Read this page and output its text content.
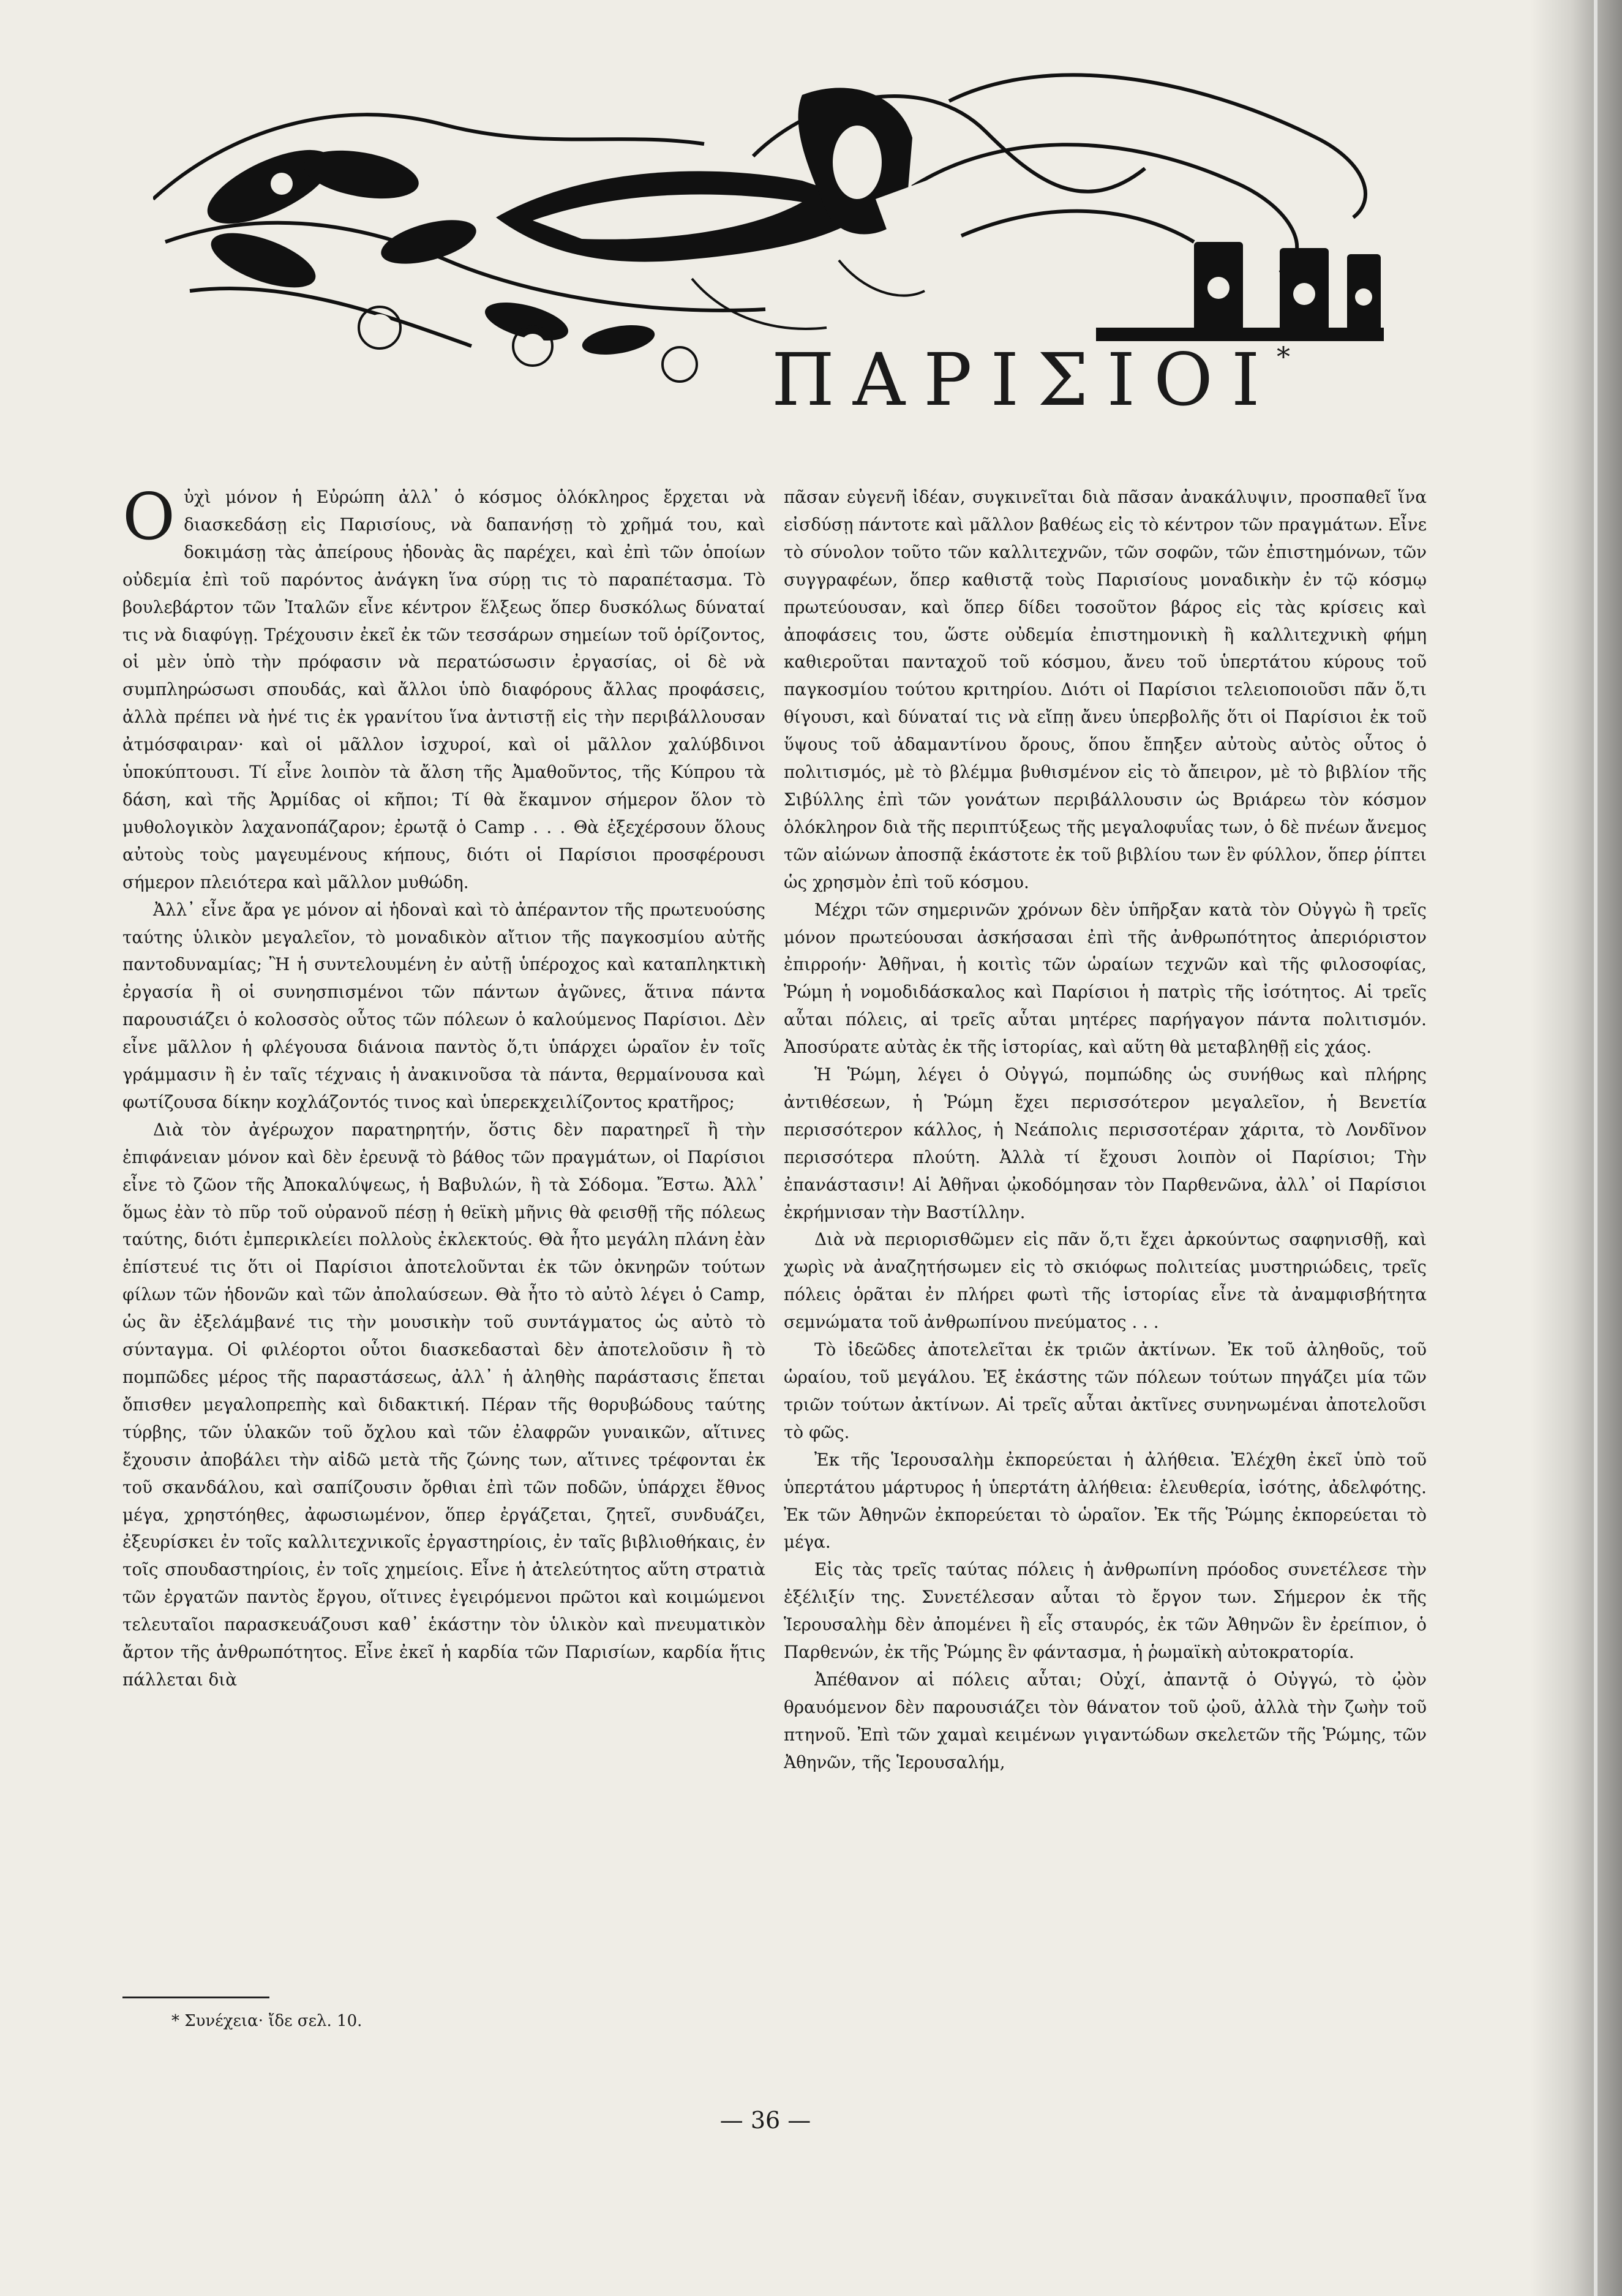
ΠΑΡΙΣΙΟΙ
*

Οὐχὶ μόνον ἡ Εὐρώπη ἀλλ᾽ ὁ κόσμος ὁλόκληρος ἔρχεται νὰ διασκεδάσῃ εἰς Παρισίους, νὰ δαπανήσῃ τὸ χρῆμά του, καὶ δοκιμάσῃ τὰς ἀπείρους ἡδονὰς ἃς παρέχει, καὶ ἐπὶ τῶν ὁποίων οὐδεμία ἐπὶ τοῦ παρόντος ἀνάγκη ἵνα σύρῃ τις τὸ παραπέτασμα. Τὸ βουλεβάρτον τῶν Ἰταλῶν εἶνε κέντρον ἕλξεως ὅπερ δυσκόλως δύναταί τις νὰ διαφύγῃ. Τρέχουσιν ἐκεῖ ἐκ τῶν τεσσάρων σημείων τοῦ ὁρίζοντος, οἱ μὲν ὑπὸ τὴν πρόφασιν νὰ περατώσωσιν ἐργασίας, οἱ δὲ νὰ συμπληρώσωσι σπουδάς, καὶ ἄλλοι ὑπὸ διαφόρους ἄλλας προφάσεις, ἀλλὰ πρέπει νὰ ἠνέ τις ἐκ γρανίτου ἵνα ἀντιστῇ εἰς τὴν περιβάλλουσαν ἀτμόσφαιραν· καὶ οἱ μᾶλλον ἰσχυροί, καὶ οἱ μᾶλλον χαλύβδινοι ὑποκύπτουσι. Τί εἶνε λοιπὸν τὰ ἄλση τῆς Ἀμαθοῦντος, τῆς Κύπρου τὰ δάση, καὶ τῆς Ἀρμίδας οἱ κῆποι; Τί θὰ ἔκαμνον σήμερον ὅλον τὸ μυθολογικὸν λαχανοπάζαρον; ἐρωτᾷ ὁ Camp . . . Θὰ ἐξεχέρσουν ὅλους αὐτοὺς τοὺς μαγευμένους κήπους, διότι οἱ Παρίσιοι προσφέρουσι σήμερον πλειότερα καὶ μᾶλλον μυθώδη.

Ἀλλ᾽ εἶνε ἄρα γε μόνον αἱ ἡδοναὶ καὶ τὸ ἀπέραντον τῆς πρωτευούσης ταύτης ὑλικὸν μεγαλεῖον, τὸ μοναδικὸν αἴτιον τῆς παγκοσμίου αὐτῆς παντοδυναμίας; Ἢ ἡ συντελουμένη ἐν αὐτῇ ὑπέροχος καὶ καταπληκτικὴ ἐργασία ἢ οἱ συνησπισμένοι τῶν πάντων ἀγῶνες, ἅτινα πάντα παρουσιάζει ὁ κολοσσὸς οὗτος τῶν πόλεων ὁ καλούμενος Παρίσιοι. Δὲν εἶνε μᾶλλον ἡ φλέγουσα διάνοια παντὸς ὅ,τι ὑπάρχει ὡραῖον ἐν τοῖς γράμμασιν ἢ ἐν ταῖς τέχναις ἡ ἀνακινοῦσα τὰ πάντα, θερμαίνουσα καὶ φωτίζουσα δίκην κοχλάζοντός τινος καὶ ὑπερεκχειλίζοντος κρατῆρος;

Διὰ τὸν ἀγέρωχον παρατηρητήν, ὅστις δὲν παρατηρεῖ ἢ τὴν ἐπιφάνειαν μόνον καὶ δὲν ἐρευνᾷ τὸ βάθος τῶν πραγμάτων, οἱ Παρίσιοι εἶνε τὸ ζῶον τῆς Ἀποκαλύψεως, ἡ Βαβυλών, ἢ τὰ Σόδομα. Ἔστω. Ἀλλ᾽ ὅμως ἐὰν τὸ πῦρ τοῦ οὐρανοῦ πέσῃ ἡ θεϊκὴ μῆνις θὰ φεισθῇ τῆς πόλεως ταύτης, διότι ἐμπερικλείει πολλοὺς ἐκλεκτούς. Θὰ ἦτο μεγάλη πλάνη ἐὰν ἐπίστευέ τις ὅτι οἱ Παρίσιοι ἀποτελοῦνται ἐκ τῶν ὀκνηρῶν τούτων φίλων τῶν ἡδονῶν καὶ τῶν ἀπολαύσεων. Θὰ ἦτο τὸ αὐτὸ λέγει ὁ Camp, ὡς ἂν ἐξελάμβανέ τις τὴν μουσικὴν τοῦ συντάγματος ὡς αὐτὸ τὸ σύνταγμα. Οἱ φιλέορτοι οὗτοι διασκεδασταὶ δὲν ἀποτελοῦσιν ἢ τὸ πομπῶδες μέρος τῆς παραστάσεως, ἀλλ᾽ ἡ ἀληθὴς παράστασις ἕπεται ὄπισθεν μεγαλοπρεπὴς καὶ διδακτική. Πέραν τῆς θορυβώδους ταύτης τύρβης, τῶν ὑλακῶν τοῦ ὄχλου καὶ τῶν ἐλαφρῶν γυναικῶν, αἵτινες ἔχουσιν ἀποβάλει τὴν αἰδῶ μετὰ τῆς ζώνης των, αἵτινες τρέφονται ἐκ τοῦ σκανδάλου, καὶ σαπίζουσιν ὄρθιαι ἐπὶ τῶν ποδῶν, ὑπάρχει ἔθνος μέγα, χρηστόηθες, ἀφωσιωμένον, ὅπερ ἐργάζεται, ζητεῖ, συνδυάζει, ἐξευρίσκει ἐν τοῖς καλλιτεχνικοῖς ἐργαστηρίοις, ἐν ταῖς βιβλιοθήκαις, ἐν τοῖς σπουδαστηρίοις, ἐν τοῖς χημείοις. Εἶνε ἡ ἀτελεύτητος αὕτη στρατιὰ τῶν ἐργατῶν παντὸς ἔργου, οἵτινες ἐγειρόμενοι πρῶτοι καὶ κοιμώμενοι τελευταῖοι παρασκευάζουσι καθ᾽ ἑκάστην τὸν ὑλικὸν καὶ πνευματικὸν ἄρτον τῆς ἀνθρωπότητος. Εἶνε ἐκεῖ ἡ καρδία τῶν Παρισίων, καρδία ἥτις πάλλεται διὰ

πᾶσαν εὐγενῆ ἰδέαν, συγκινεῖται διὰ πᾶσαν ἀνακάλυψιν, προσπαθεῖ ἵνα εἰσδύσῃ πάντοτε καὶ μᾶλλον βαθέως εἰς τὸ κέντρον τῶν πραγμάτων. Εἶνε τὸ σύνολον τοῦτο τῶν καλλιτεχνῶν, τῶν σοφῶν, τῶν ἐπιστημόνων, τῶν συγγραφέων, ὅπερ καθιστᾷ τοὺς Παρισίους μοναδικὴν ἐν τῷ κόσμῳ πρωτεύουσαν, καὶ ὅπερ δίδει τοσοῦτον βάρος εἰς τὰς κρίσεις καὶ ἀποφάσεις του, ὥστε οὐδεμία ἐπιστημονικὴ ἢ καλλιτεχνικὴ φήμη καθιεροῦται πανταχοῦ τοῦ κόσμου, ἄνευ τοῦ ὑπερτάτου κύρους τοῦ παγκοσμίου τούτου κριτηρίου. Διότι οἱ Παρίσιοι τελειοποιοῦσι πᾶν ὅ,τι θίγουσι, καὶ δύναταί τις νὰ εἴπῃ ἄνευ ὑπερβολῆς ὅτι οἱ Παρίσιοι ἐκ τοῦ ὕψους τοῦ ἀδαμαντίνου ὄρους, ὅπου ἔπηξεν αὐτοὺς αὐτὸς οὗτος ὁ πολιτισμός, μὲ τὸ βλέμμα βυθισμένον εἰς τὸ ἄπειρον, μὲ τὸ βιβλίον τῆς Σιβύλλης ἐπὶ τῶν γονάτων περιβάλλουσιν ὡς Βριάρεω τὸν κόσμον ὁλόκληρον διὰ τῆς περιπτύξεως τῆς μεγαλοφυΐας των, ὁ δὲ πνέων ἄνεμος τῶν αἰώνων ἀποσπᾷ ἑκάστοτε ἐκ τοῦ βιβλίου των ἓν φύλλον, ὅπερ ῥίπτει ὡς χρησμὸν ἐπὶ τοῦ κόσμου.

Μέχρι τῶν σημερινῶν χρόνων δὲν ὑπῆρξαν κατὰ τὸν Οὐγγὼ ἢ τρεῖς μόνον πρωτεύουσαι ἀσκήσασαι ἐπὶ τῆς ἀνθρωπότητος ἀπεριόριστον ἐπιρροήν· Ἀθῆναι, ἡ κοιτὶς τῶν ὡραίων τεχνῶν καὶ τῆς φιλοσοφίας, Ῥώμη ἡ νομοδιδάσκαλος καὶ Παρίσιοι ἡ πατρὶς τῆς ἰσότητος. Αἱ τρεῖς αὗται πόλεις, αἱ τρεῖς αὗται μητέρες παρήγαγον πάντα πολιτισμόν. Ἀποσύρατε αὐτὰς ἐκ τῆς ἱστορίας, καὶ αὕτη θὰ μεταβληθῇ εἰς χάος.

Ἡ Ῥώμη, λέγει ὁ Οὐγγώ, πομπώδης ὡς συνήθως καὶ πλήρης ἀντιθέσεων, ἡ Ῥώμη ἔχει περισσότερον μεγαλεῖον, ἡ Βενετία περισσότερον κάλλος, ἡ Νεάπολις περισσοτέραν χάριτα, τὸ Λονδῖνον περισσότερα πλούτη. Ἀλλὰ τί ἔχουσι λοιπὸν οἱ Παρίσιοι; Τὴν ἐπανάστασιν! Αἱ Ἀθῆναι ᾠκοδόμησαν τὸν Παρθενῶνα, ἀλλ᾽ οἱ Παρίσιοι ἐκρήμνισαν τὴν Βαστίλλην.

Διὰ νὰ περιορισθῶμεν εἰς πᾶν ὅ,τι ἔχει ἀρκούντως σαφηνισθῇ, καὶ χωρὶς νὰ ἀναζητήσωμεν εἰς τὸ σκιόφως πολιτείας μυστηριώδεις, τρεῖς πόλεις ὁρᾶται ἐν πλήρει φωτὶ τῆς ἱστορίας εἶνε τὰ ἀναμφισβήτητα σεμνώματα τοῦ ἀνθρωπίνου πνεύματος . . .

Τὸ ἰδεῶδες ἀποτελεῖται ἐκ τριῶν ἀκτίνων. Ἐκ τοῦ ἀληθοῦς, τοῦ ὡραίου, τοῦ μεγάλου. Ἐξ ἑκάστης τῶν πόλεων τούτων πηγάζει μία τῶν τριῶν τούτων ἀκτίνων. Αἱ τρεῖς αὗται ἀκτῖνες συνηνωμέναι ἀποτελοῦσι τὸ φῶς.

Ἐκ τῆς Ἱερουσαλὴμ ἐκπορεύεται ἡ ἀλήθεια. Ἐλέχθη ἐκεῖ ὑπὸ τοῦ ὑπερτάτου μάρτυρος ἡ ὑπερτάτη ἀλήθεια: ἐλευθερία, ἰσότης, ἀδελφότης. Ἐκ τῶν Ἀθηνῶν ἐκπορεύεται τὸ ὡραῖον. Ἐκ τῆς Ῥώμης ἐκπορεύεται τὸ μέγα.

Εἰς τὰς τρεῖς ταύτας πόλεις ἡ ἀνθρωπίνη πρόοδος συνετέλεσε τὴν ἐξέλιξίν της. Συνετέλεσαν αὗται τὸ ἔργον των. Σήμερον ἐκ τῆς Ἱερουσαλὴμ δὲν ἀπομένει ἢ εἷς σταυρός, ἐκ τῶν Ἀθηνῶν ἓν ἐρείπιον, ὁ Παρθενών, ἐκ τῆς Ῥώμης ἓν φάντασμα, ἡ ῥωμαϊκὴ αὐτοκρατορία.

Ἀπέθανον αἱ πόλεις αὗται; Οὐχί, ἀπαντᾷ ὁ Οὐγγώ, τὸ ᾠὸν θραυόμενον δὲν παρουσιάζει τὸν θάνατον τοῦ ᾠοῦ, ἀλλὰ τὴν ζωὴν τοῦ πτηνοῦ. Ἐπὶ τῶν χαμαὶ κειμένων γιγαντώδων σκελετῶν τῆς Ῥώμης, τῶν Ἀθηνῶν, τῆς Ἱερουσαλήμ,

* Συνέχεια· ἴδε σελ. 10.
— 36 —
